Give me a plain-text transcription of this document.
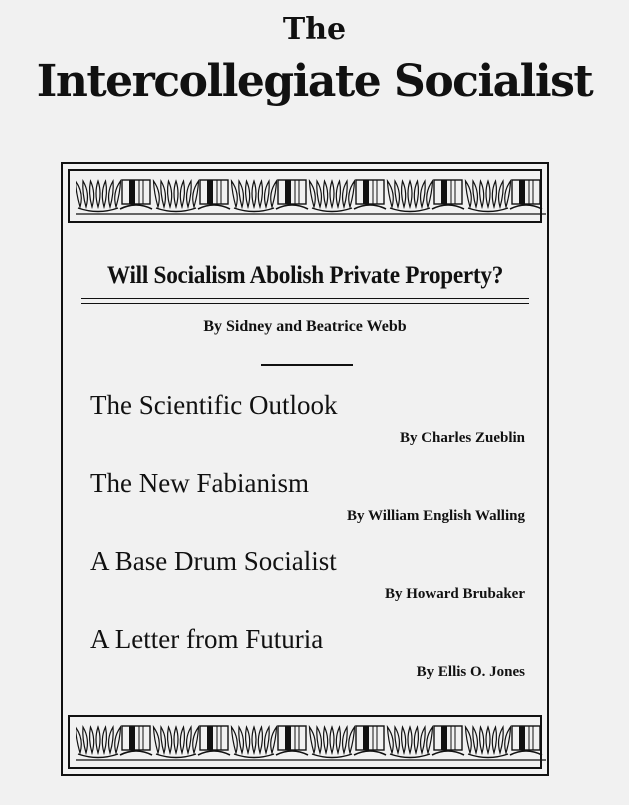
The
Intercollegiate Socialist
Will Socialism Abolish Private Property?
By Sidney and Beatrice Webb
The Scientific Outlook
By Charles Zueblin
The New Fabianism
By William English Walling
A Base Drum Socialist
By Howard Brubaker
A Letter from Futuria
By Ellis O. Jones
